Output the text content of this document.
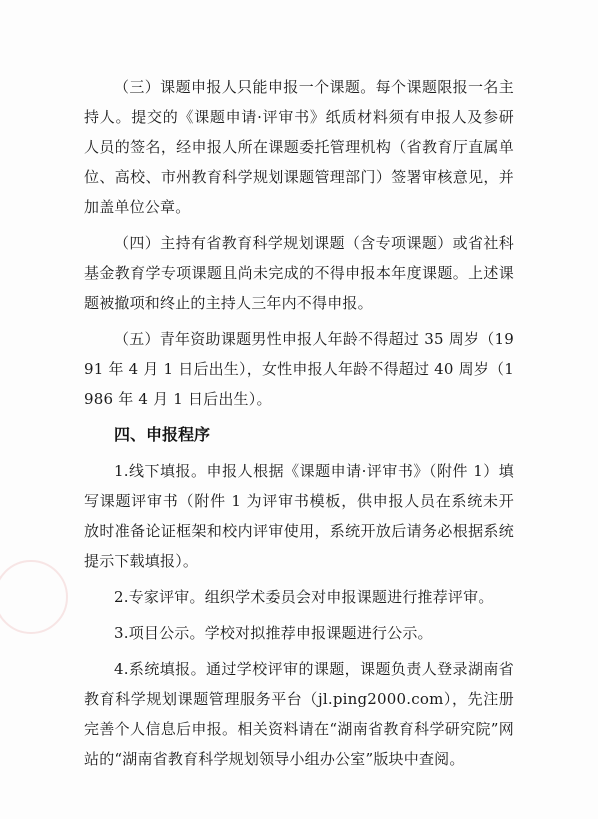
（三）课题申报人只能申报一个课题。每个课题限报一名主持人。提交的《课题申请·评审书》纸质材料须有申报人及参研人员的签名，经申报人所在课题委托管理机构（省教育厅直属单位、高校、市州教育科学规划课题管理部门）签署审核意见，并加盖单位公章。

（四）主持有省教育科学规划课题（含专项课题）或省社科基金教育学专项课题且尚未完成的不得申报本年度课题。上述课题被撤项和终止的主持人三年内不得申报。

（五）青年资助课题男性申报人年龄不得超过 35 周岁（1991 年 4 月 1 日后出生），女性申报人年龄不得超过 40 周岁（1986 年 4 月 1 日后出生）。

四、申报程序

1.线下填报。申报人根据《课题申请·评审书》（附件 1）填写课题评审书（附件 1 为评审书模板，供申报人员在系统未开放时准备论证框架和校内评审使用，系统开放后请务必根据系统提示下载填报）。

2.专家评审。组织学术委员会对申报课题进行推荐评审。

3.项目公示。学校对拟推荐申报课题进行公示。

4.系统填报。通过学校评审的课题，课题负责人登录湖南省教育科学规划课题管理服务平台（jl.ping2000.com），先注册完善个人信息后申报。相关资料请在“湖南省教育科学研究院”网站的“湖南省教育科学规划领导小组办公室”版块中查阅。
